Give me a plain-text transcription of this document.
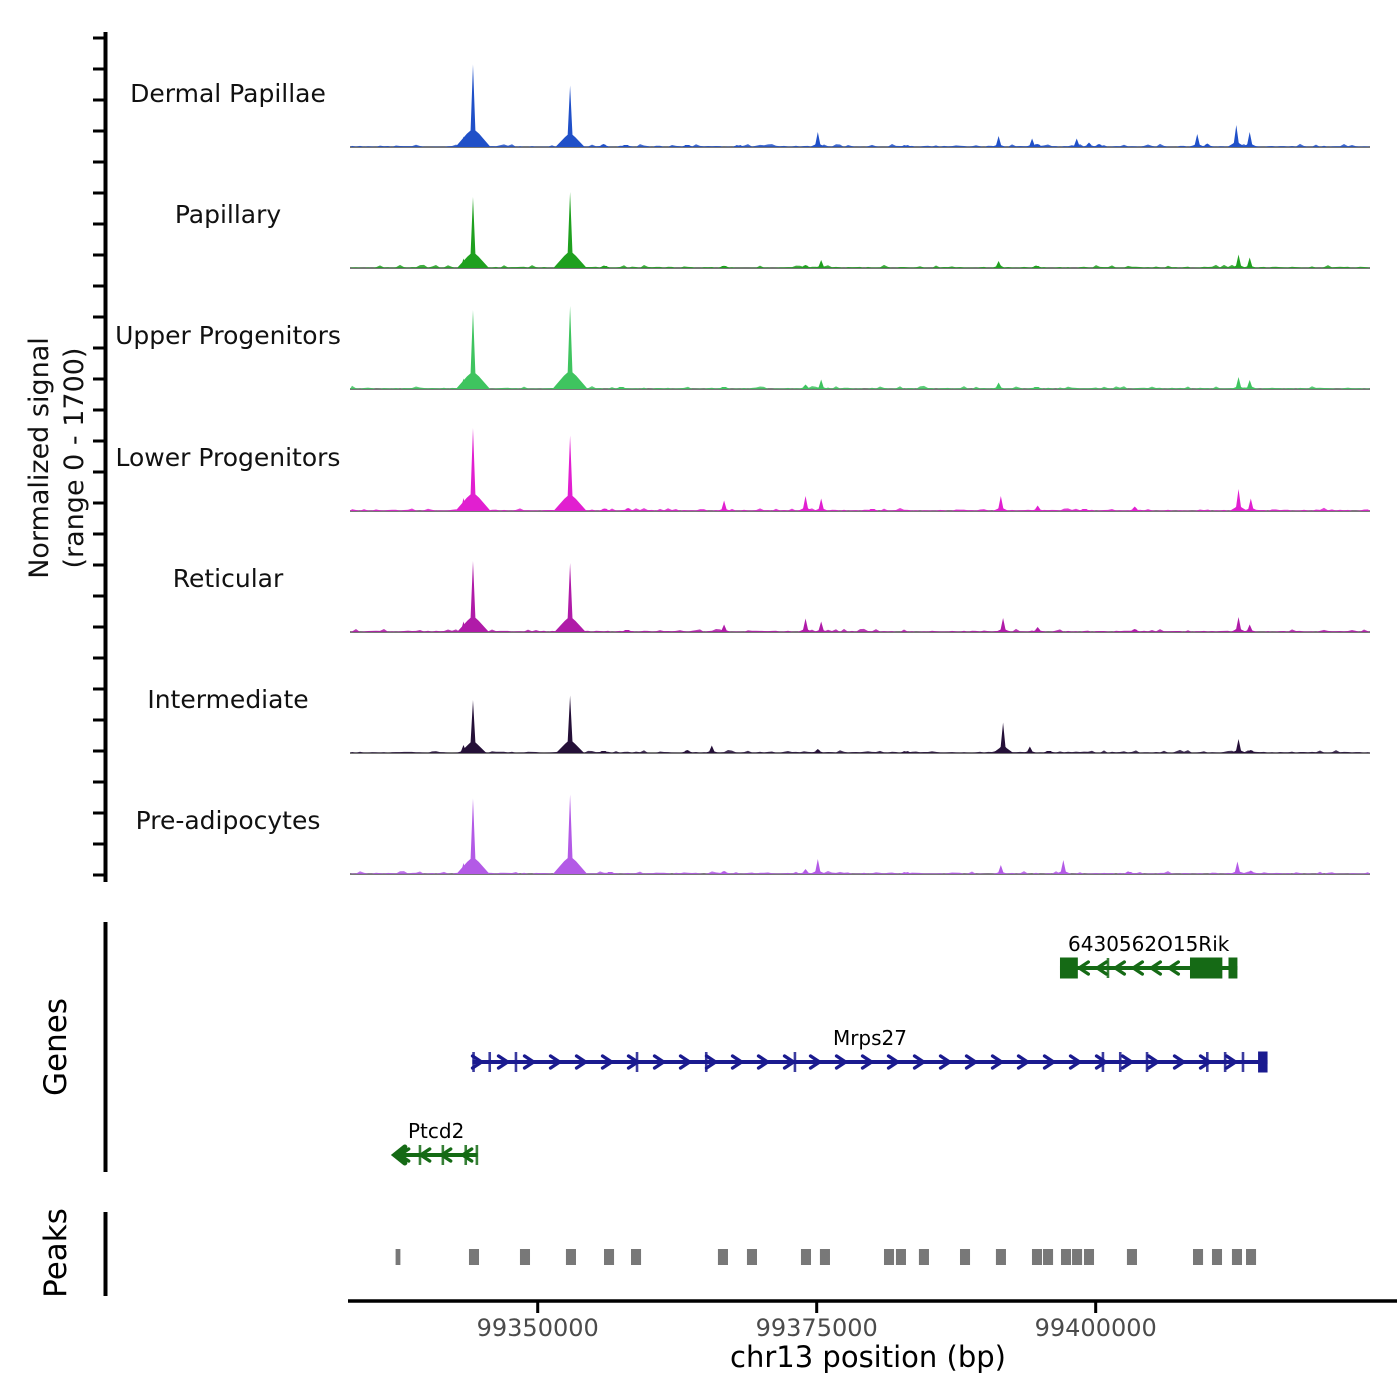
6430562O15Rik
Mrps27
Ptcd2
Normalized signal (range 0 - 1700)
Genes
Peaks
chr13 position (bp)
Dermal Papillae
Papillary
Upper Progenitors
Lower Progenitors
Reticular
Intermediate
Pre-adipocytes
99350000	99375000	99400000
